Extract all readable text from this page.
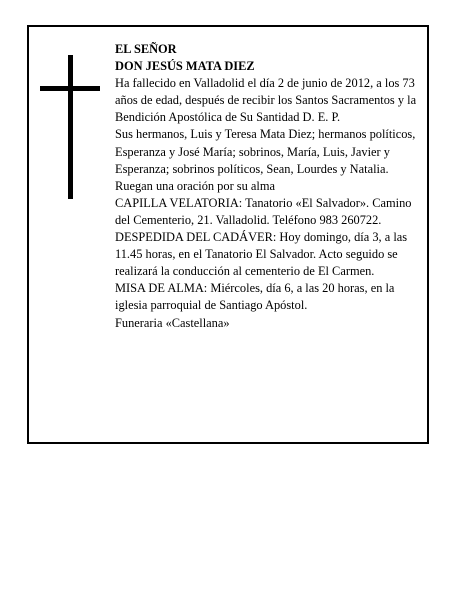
EL SEÑOR

DON JESÚS MATA DIEZ

Ha fallecido en Valladolid el día 2 de junio de 2012, a los 73 años de edad, después de recibir los Santos Sacramentos y la Bendición Apostólica de Su Santidad D. E. P.

Sus hermanos, Luis y Teresa Mata Diez; hermanos políticos, Esperanza y José María; sobrinos, María, Luis, Javier y Esperanza; sobrinos políticos, Sean, Lourdes y Natalia.

Ruegan una oración por su alma

CAPILLA VELATORIA: Tanatorio «El Salvador». Camino del Cementerio, 21. Valladolid. Teléfono 983 260722.

DESPEDIDA DEL CADÁVER: Hoy domingo, día 3, a las 11.45 horas, en el Tanatorio El Salvador. Acto seguido se realizará la conducción al cementerio de El Carmen.

MISA DE ALMA: Miércoles, día 6, a las 20 horas, en la iglesia parroquial de Santiago Apóstol.

Funeraria «Castellana»
